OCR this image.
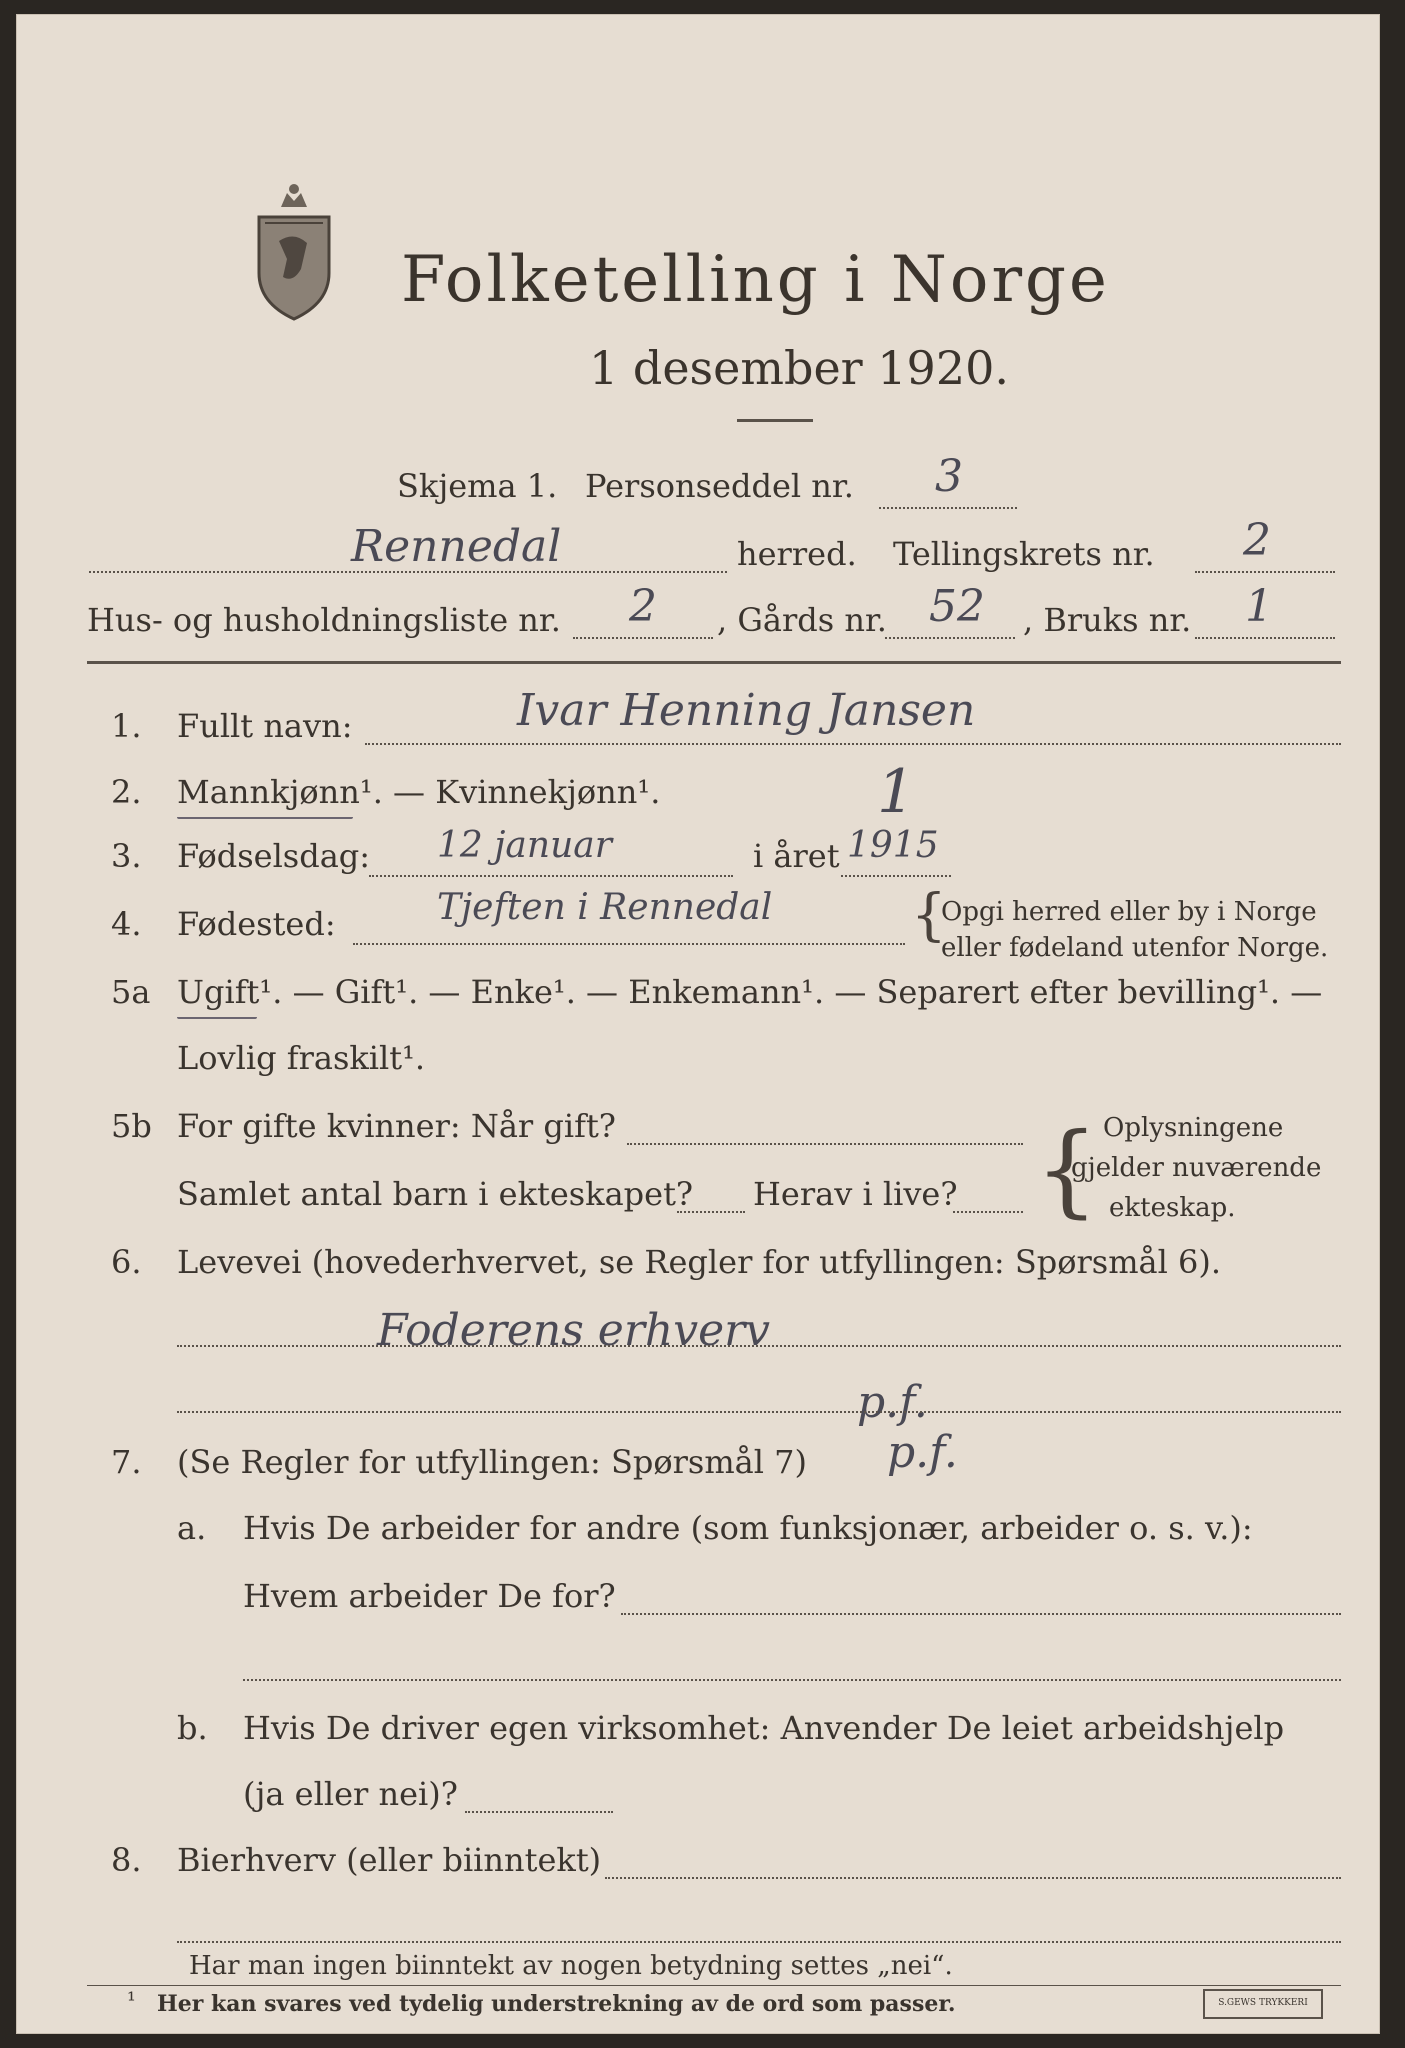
Folketelling i Norge
1 desember 1920.
Skjema 1. Personseddel nr. 3
Rennedal	herred. Tellingskrets nr. 2
Hus- og husholdningsliste nr. 2 , Gårds nr. 52 , Bruks nr. 1
1. Fullt navn:	Ivar Henning Jansen
2. Mannkjønn¹. — Kvinnekjønn¹.	1
3. Fødselsdag: 12 januar	i året 1915
4. Fødested:	Tjeften i Rennedal {
Opgi herred eller by i Norge
eller fødeland utenfor Norge.
5a Ugift¹. — Gift¹. — Enke¹. — Enkemann¹. — Separert efter bevilling¹. —
Lovlig fraskilt¹.
5b For gifte kvinner: Når gift?
Samlet antal barn i ekteskapet? Herav i live? { Oplysningene
gjelder nuværende
ekteskap.
6. Levevei (hovederhvervet, se Regler for utfyllingen: Spørsmål 6).
Foderens erhverv
p.f.
7. (Se Regler for utfyllingen: Spørsmål 7) p.f.
a. Hvis De arbeider for andre (som funksjonær, arbeider o. s. v.):
Hvem arbeider De for?
b. Hvis De driver egen virksomhet: Anvender De leiet arbeidshjelp
(ja eller nei)?
8. Bierhverv (eller biinntekt)
Har man ingen biinntekt av nogen betydning settes „nei“.
¹ Her kan svares ved tydelig understrekning av de ord som passer.	S.GEWS TRYKKERI
